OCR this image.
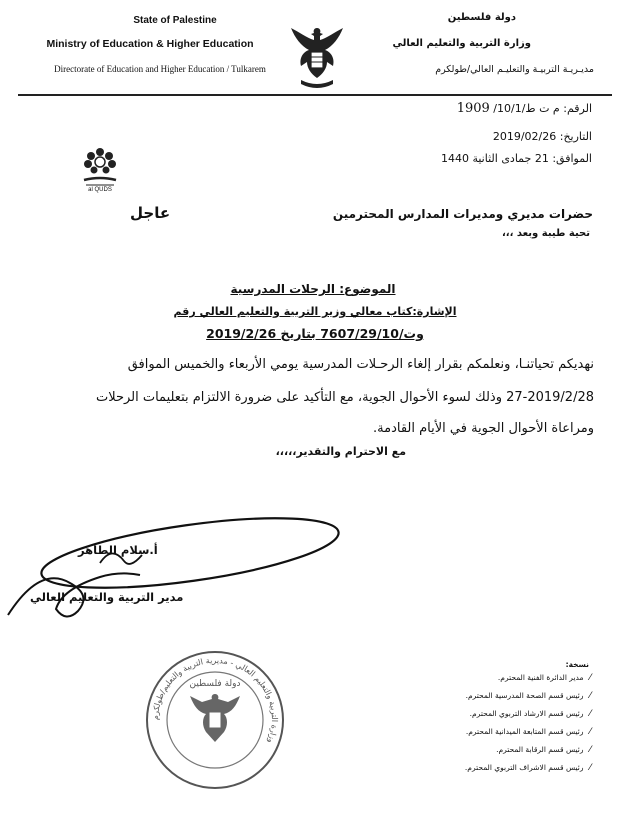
State of Palestine
Ministry of Education & Higher Education
Directorate of Education and Higher Education / Tulkarem
دولة فلسطين
وزارة التربية والتعليم العالي
مديـريـة التربيـة والتعليـم العالي/طولكرم
al QUDS
الرقم: م ت ط/10/1/ 1909
التاريخ: 2019/02/26
الموافق: 21 جمادى الثانية 1440
عاجل	حضرات مديري ومديرات المدارس المحترمين
تحية طيبة وبعد ،،،
الموضوع: الرحلات المدرسية
الإشارة:كتاب معالي وزير التربية والتعليم العالي رقم
وت/7607/29/10 بتاريخ 2019/2/26
نهديكم تحياتنـا، ونعلمكم بقرار إلغاء الرحـلات المدرسية يومي الأربعاء والخميس الموافق
27-2019/2/28 وذلك لسوء الأحوال الجوية، مع التأكيد على ضرورة الالتزام بتعليمات الرحلات
ومراعاة الأحوال الجوية في الأيام القادمة.
مع الاحترام والتقدير،،،،،
أ.سلام الطاهر
مدير التربية والتعليم العالي
وزارة التربية والتعليم العالي - مديرية التربية والتعليم/طولكرم
دولة فلسطين
نسخة:
⁄مدير الدائرة الفنية المحترم.
⁄رئيس قسم الصحة المدرسية المحترم.
⁄رئيس قسم الارشاد التربوي المحترم.
⁄رئيس قسم المتابعة الميدانية المحترم.
⁄رئيس قسم الرقابة المحترم.
⁄رئيس قسم الاشراف التربوي المحترم.
